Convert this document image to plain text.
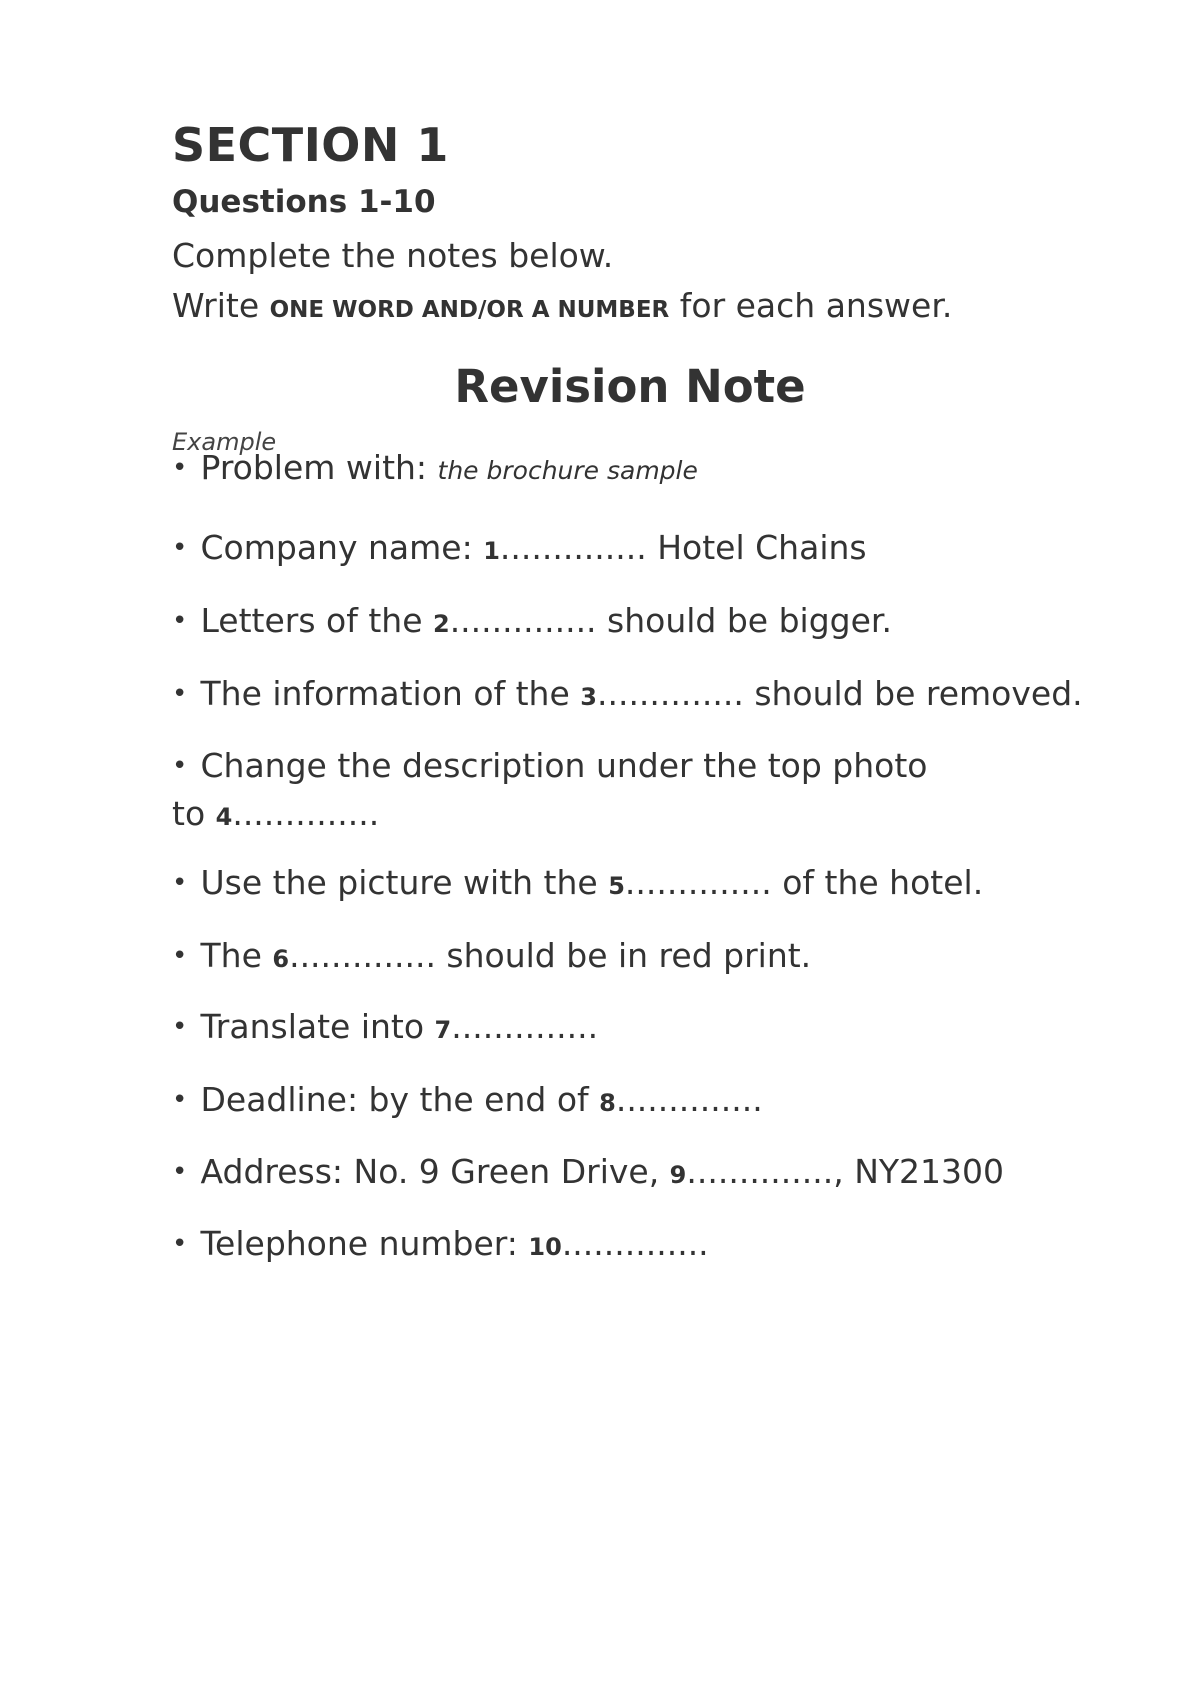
SECTION 1
Questions 1-10
Complete the notes below.
Write ONE WORD AND/OR A NUMBER for each answer.
Revision Note
Example
• Problem with: the brochure sample
• Company name: 1.............. Hotel Chains
• Letters of the 2.............. should be bigger.
• The information of the 3.............. should be removed.
• Change the description under the top photo
to 4..............
• Use the picture with the 5.............. of the hotel.
• The 6.............. should be in red print.
• Translate into 7..............
• Deadline: by the end of 8..............
• Address: No. 9 Green Drive, 9.............., NY21300
• Telephone number: 10..............
